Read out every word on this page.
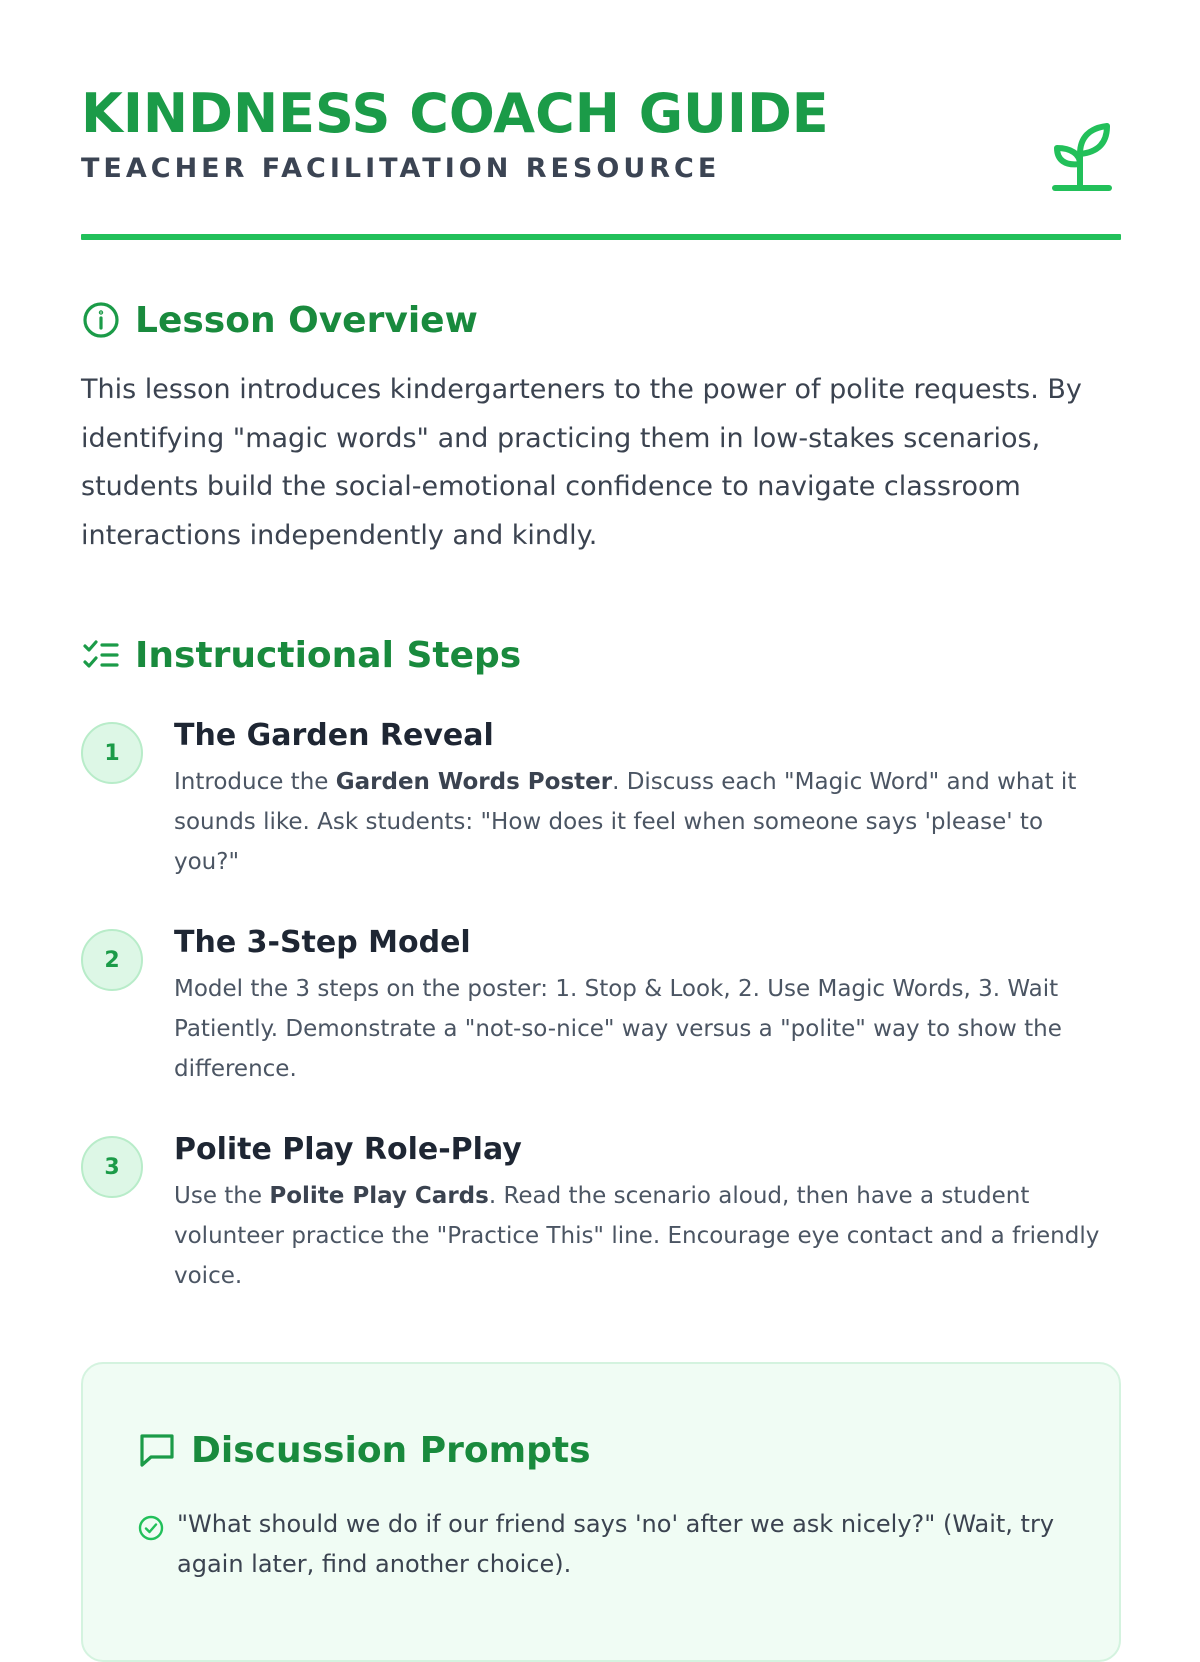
KINDNESS COACH GUIDE
TEACHER FACILITATION RESOURCE
Lesson Overview

This lesson introduces kindergarteners to the power of polite requests. By identifying "magic words" and practicing them in low-stakes scenarios, students build the social-emotional confidence to navigate classroom interactions independently and kindly.

Instructional Steps
1	The Garden Reveal

Introduce the Garden Words Poster. Discuss each "Magic Word" and what it sounds like. Ask students: "How does it feel when someone says 'please' to you?"

2	The 3-Step Model

Model the 3 steps on the poster: 1. Stop & Look, 2. Use Magic Words, 3. Wait Patiently. Demonstrate a "not-so-nice" way versus a "polite" way to show the difference.

3	Polite Play Role-Play

Use the Polite Play Cards. Read the scenario aloud, then have a student volunteer practice the "Practice This" line. Encourage eye contact and a friendly voice.

Discussion Prompts

"What should we do if our friend says 'no' after we ask nicely?" (Wait, try again later, find another choice).
